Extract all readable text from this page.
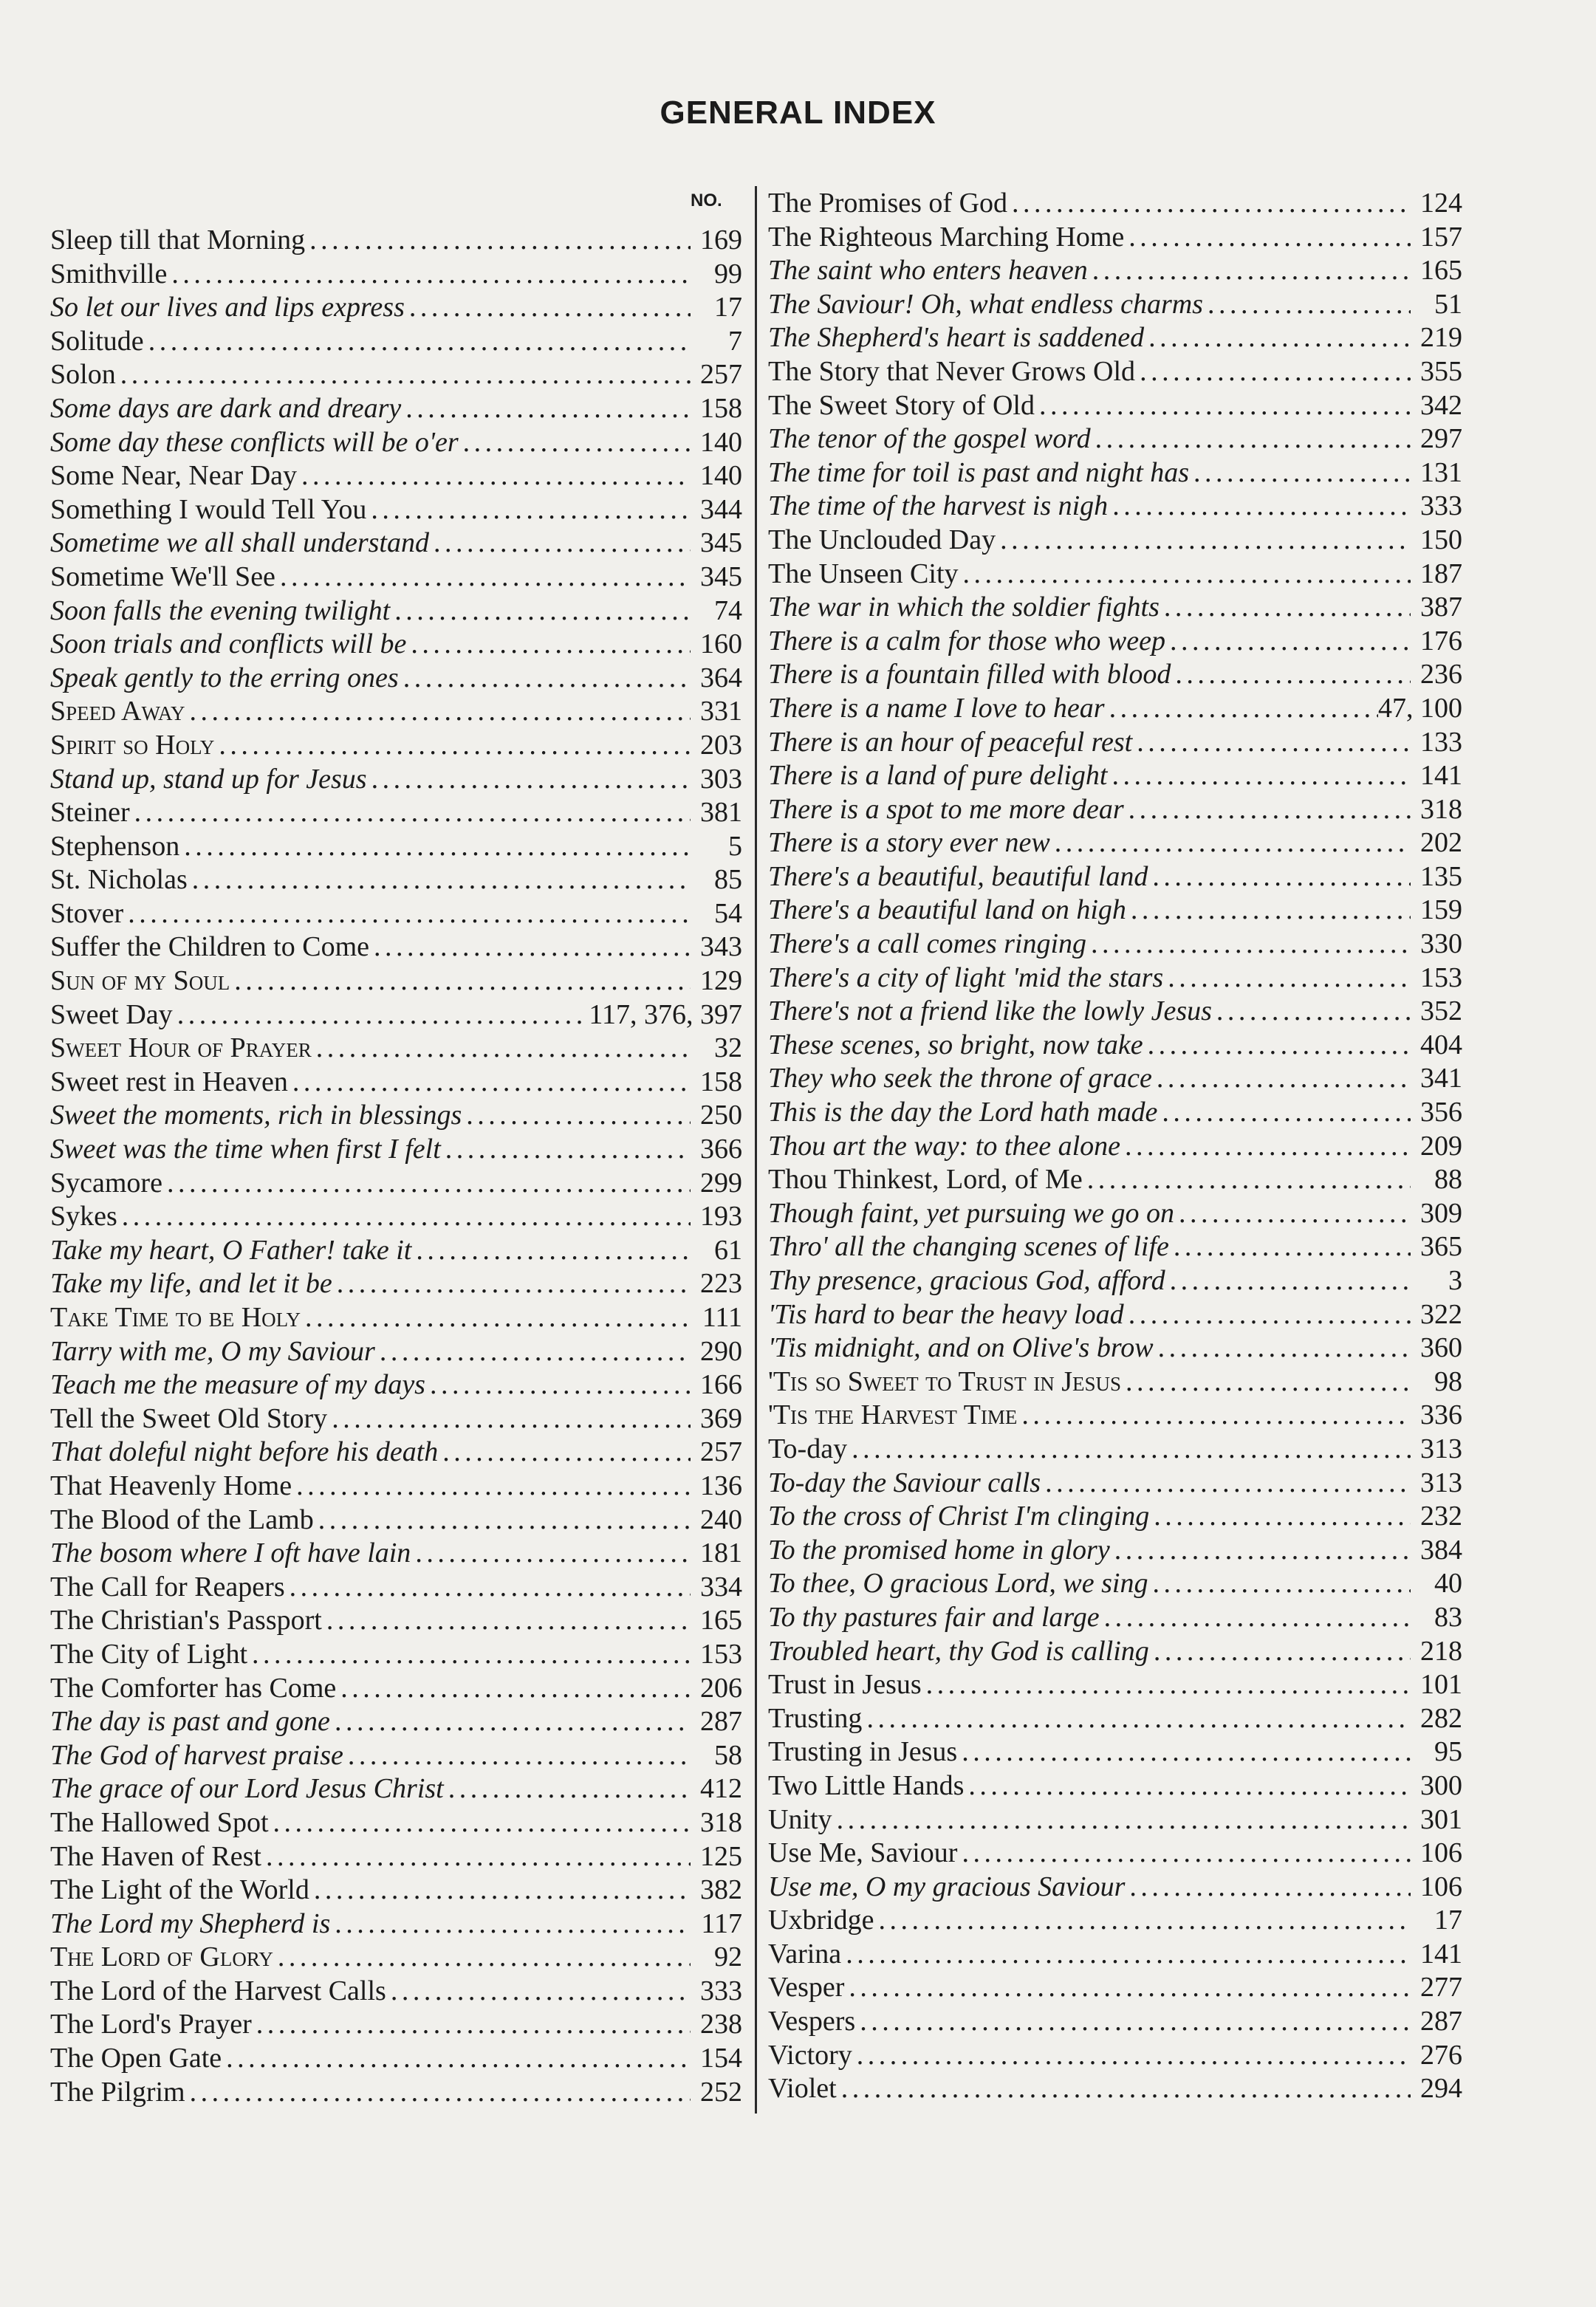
GENERAL INDEX
NO.
Sleep till that Morning . . .	169
Smithville . . .	99
So let our lives and lips express . . .	17
Solitude . . .	7
Solon . . .	257
Some days are dark and dreary . . .	158
Some day these conflicts will be o'er . . .	140
Some Near, Near Day . . .	140
Something I would Tell You . . .	344
Sometime we all shall understand . . .	345
Sometime We'll See . . .	345
Soon falls the evening twilight . . .	74
Soon trials and conflicts will be . . .	160
Speak gently to the erring ones . . .	364
Speed Away . . .	331
Spirit so Holy . . .	203
Stand up, stand up for Jesus . . .	303
Steiner . . .	381
Stephenson . . .	5
St. Nicholas . . .	85
Stover . . .	54
Suffer the Children to Come . . .	343
Sun of my Soul . . .	129
Sweet Day . . .	117, 376, 397
Sweet Hour of Prayer . . .	32
Sweet rest in Heaven . . .	158
Sweet the moments, rich in blessings . . .	250
Sweet was the time when first I felt . . .	366
Sycamore . . .	299
Sykes . . .	193
Take my heart, O Father! take it . . .	61
Take my life, and let it be . . .	223
Take Time to be Holy . . .	111
Tarry with me, O my Saviour . . .	290
Teach me the measure of my days . . .	166
Tell the Sweet Old Story . . .	369
That doleful night before his death . . .	257
That Heavenly Home . . .	136
The Blood of the Lamb . . .	240
The bosom where I oft have lain . . .	181
The Call for Reapers . . .	334
The Christian's Passport . . .	165
The City of Light . . .	153
The Comforter has Come . . .	206
The day is past and gone . . .	287
The God of harvest praise . . .	58
The grace of our Lord Jesus Christ . . .	412
The Hallowed Spot . . .	318
The Haven of Rest . . .	125
The Light of the World . . .	382
The Lord my Shepherd is . . .	117
The Lord of Glory . . .	92
The Lord of the Harvest Calls . . .	333
The Lord's Prayer . . .	238
The Open Gate . . .	154
The Pilgrim . . .	252
The Promises of God . . .	124
The Righteous Marching Home . . .	157
The saint who enters heaven . . .	165
The Saviour! Oh, what endless charms . . .	51
The Shepherd's heart is saddened . . .	219
The Story that Never Grows Old . . .	355
The Sweet Story of Old . . .	342
The tenor of the gospel word . . .	297
The time for toil is past and night has . . .	131
The time of the harvest is nigh . . .	333
The Unclouded Day . . .	150
The Unseen City . . .	187
The war in which the soldier fights . . .	387
There is a calm for those who weep . . .	176
There is a fountain filled with blood . . .	236
There is a name I love to hear . . .	47, 100
There is an hour of peaceful rest . . .	133
There is a land of pure delight . . .	141
There is a spot to me more dear . . .	318
There is a story ever new . . .	202
There's a beautiful, beautiful land . . .	135
There's a beautiful land on high . . .	159
There's a call comes ringing . . .	330
There's a city of light 'mid the stars . . .	153
There's not a friend like the lowly Jesus . . .	352
These scenes, so bright, now take . . .	404
They who seek the throne of grace . . .	341
This is the day the Lord hath made . . .	356
Thou art the way: to thee alone . . .	209
Thou Thinkest, Lord, of Me . . .	88
Though faint, yet pursuing we go on . . .	309
Thro' all the changing scenes of life . . .	365
Thy presence, gracious God, afford . . .	3
'Tis hard to bear the heavy load . . .	322
'Tis midnight, and on Olive's brow . . .	360
'Tis so Sweet to Trust in Jesus . . .	98
'Tis the Harvest Time . . .	336
To-day . . .	313
To-day the Saviour calls . . .	313
To the cross of Christ I'm clinging . . .	232
To the promised home in glory . . .	384
To thee, O gracious Lord, we sing . . .	40
To thy pastures fair and large . . .	83
Troubled heart, thy God is calling . . .	218
Trust in Jesus . . .	101
Trusting . . .	282
Trusting in Jesus . . .	95
Two Little Hands . . .	300
Unity . . .	301
Use Me, Saviour . . .	106
Use me, O my gracious Saviour . . .	106
Uxbridge . . .	17
Varina . . .	141
Vesper . . .	277
Vespers . . .	287
Victory . . .	276
Violet . . .	294
